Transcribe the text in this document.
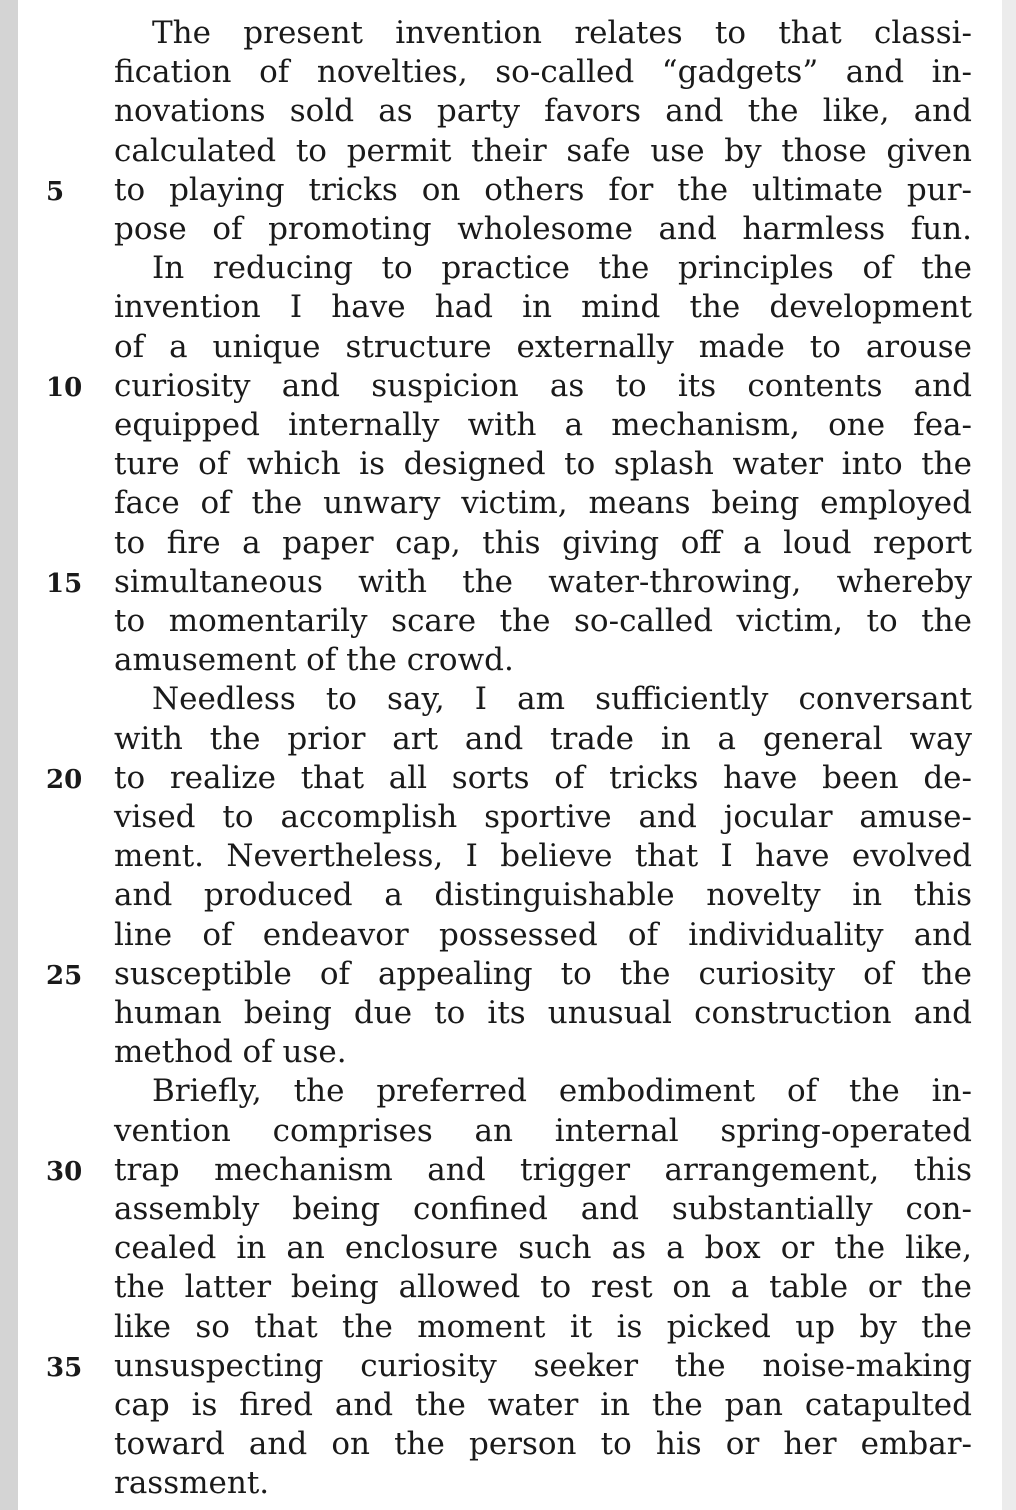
The present invention relates to that classi-
fication of novelties, so-called “gadgets” and in-
novations sold as party favors and the like, and
calculated to permit their safe use by those given
to playing tricks on others for the ultimate pur-
pose of promoting wholesome and harmless fun.
In reducing to practice the principles of the
invention I have had in mind the development
of a unique structure externally made to arouse
curiosity and suspicion as to its contents and
equipped internally with a mechanism, one fea-
ture of which is designed to splash water into the
face of the unwary victim, means being employed
to fire a paper cap, this giving off a loud report
simultaneous with the water-throwing, whereby
to momentarily scare the so-called victim, to the
amusement of the crowd.
Needless to say, I am sufficiently conversant
with the prior art and trade in a general way
to realize that all sorts of tricks have been de-
vised to accomplish sportive and jocular amuse-
ment. Nevertheless, I believe that I have evolved
and produced a distinguishable novelty in this
line of endeavor possessed of individuality and
susceptible of appealing to the curiosity of the
human being due to its unusual construction and
method of use.
Briefly, the preferred embodiment of the in-
vention comprises an internal spring-operated
trap mechanism and trigger arrangement, this
assembly being confined and substantially con-
cealed in an enclosure such as a box or the like,
the latter being allowed to rest on a table or the
like so that the moment it is picked up by the
unsuspecting curiosity seeker the noise-making
cap is fired and the water in the pan catapulted
toward and on the person to his or her embar-
rassment.
5
10
15
20
25
30
35
